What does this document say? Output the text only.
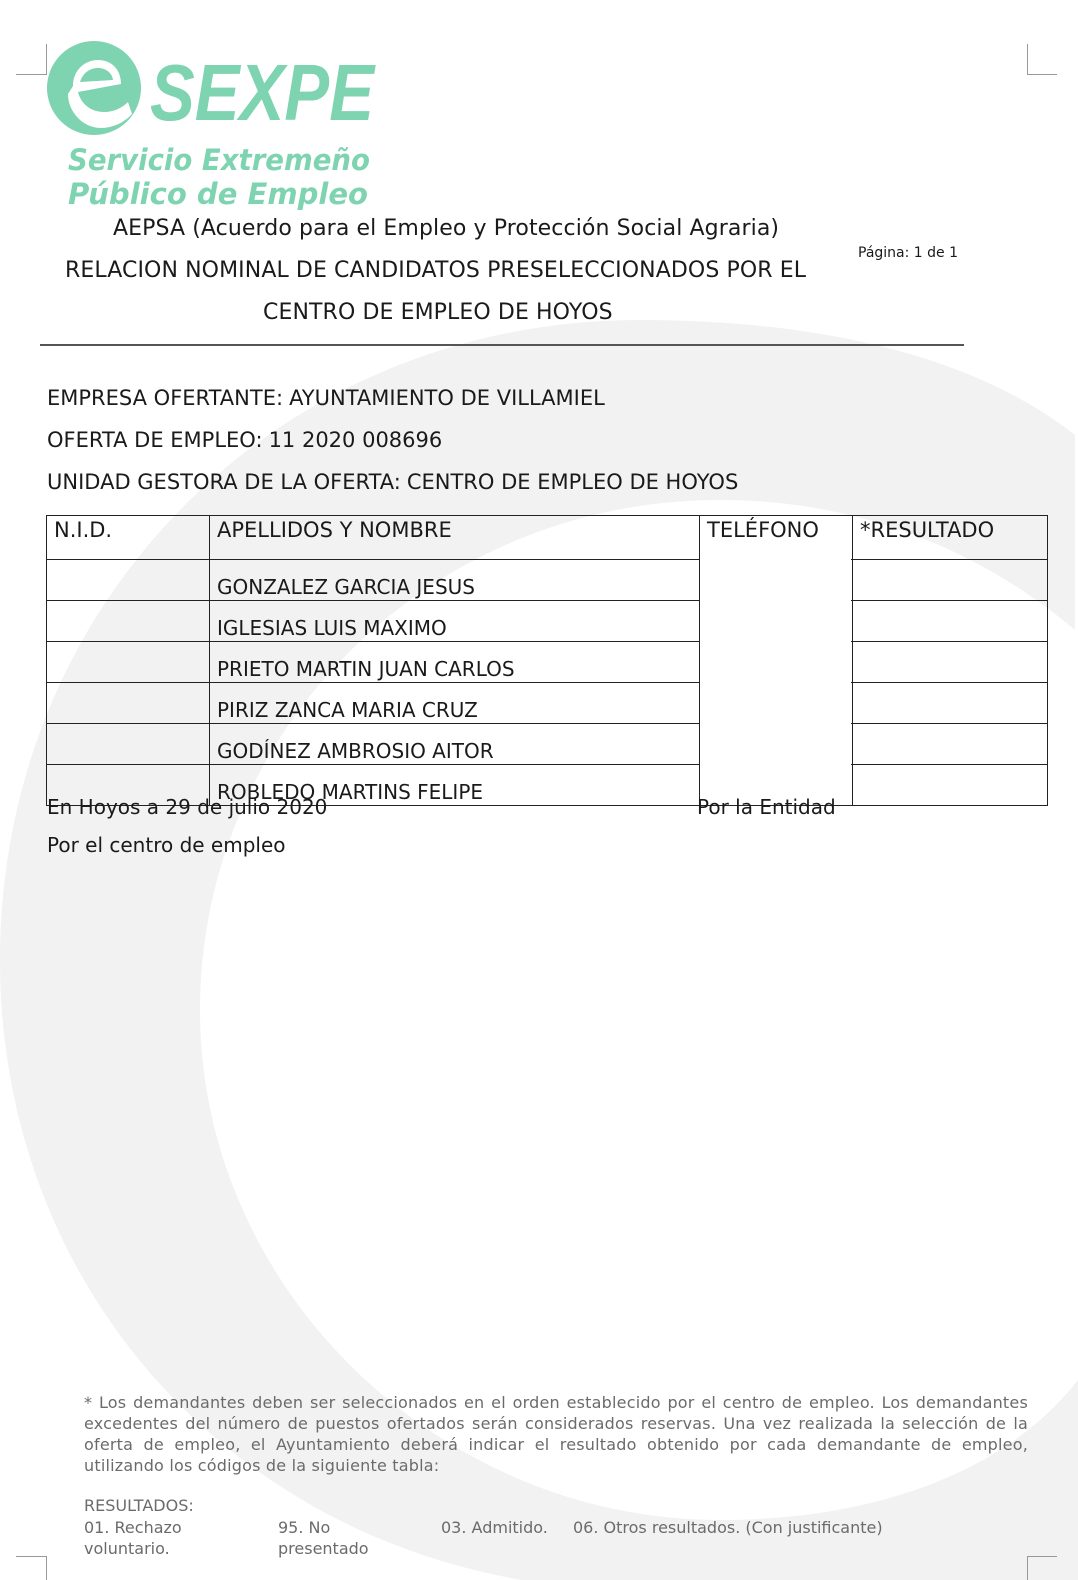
SEXPE
Servicio Extremeño
Público de Empleo
AEPSA (Acuerdo para el Empleo y Protección Social Agraria)
RELACION NOMINAL DE CANDIDATOS PRESELECCIONADOS POR EL
CENTRO DE EMPLEO DE HOYOS
Página: 1 de 1
EMPRESA OFERTANTE: AYUNTAMIENTO DE VILLAMIEL
OFERTA DE EMPLEO: 11 2020 008696
UNIDAD GESTORA DE LA OFERTA: CENTRO DE EMPLEO DE HOYOS
N.I.D.	APELLIDOS Y NOMBRE	TELÉFONO	*RESULTADO
	GONZALEZ GARCIA JESUS		
	IGLESIAS LUIS MAXIMO		
	PRIETO MARTIN JUAN CARLOS		
	PIRIZ ZANCA MARIA CRUZ		
	GODÍNEZ AMBROSIO AITOR		
	ROBLEDO MARTINS FELIPE		
En Hoyos a 29 de julio 2020	Por la Entidad
Por el centro de empleo
* Los demandantes deben ser seleccionados en el orden establecido por el centro de empleo. Los demandantes excedentes del número de puestos ofertados serán considerados reservas. Una vez realizada la selección de la oferta de empleo, el Ayuntamiento deberá indicar el resultado obtenido por cada demandante de empleo, utilizando los códigos de la siguiente tabla:
RESULTADOS:
01. Rechazo
voluntario.
95. No
presentado
03. Admitido. 06. Otros resultados. (Con justificante)
